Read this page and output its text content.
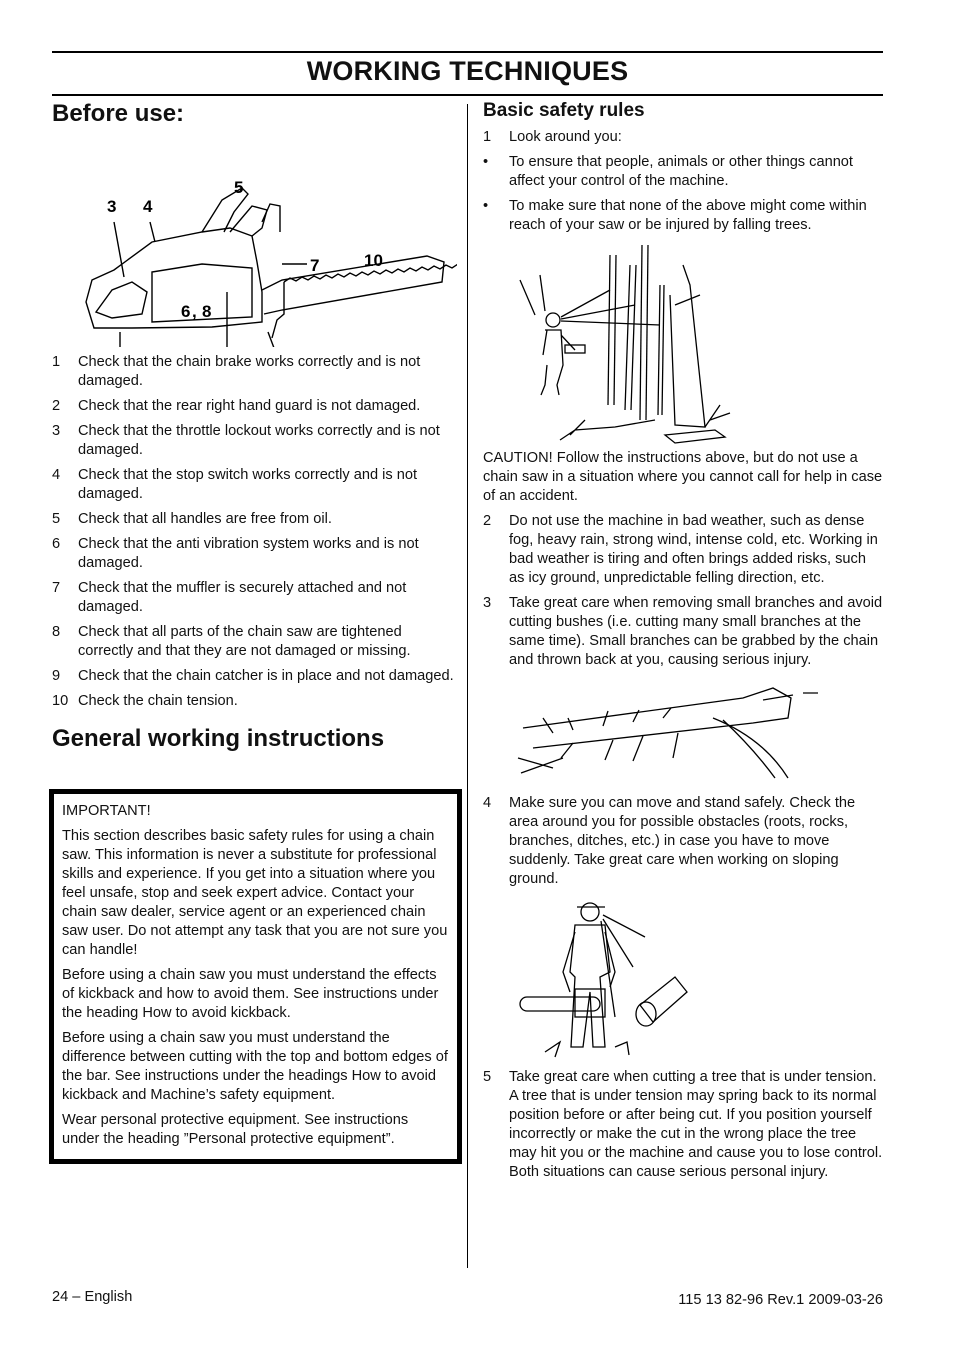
WORKING TECHNIQUES
Before use:
3 4
5
7	10
6 , 8
1	Check that the chain brake works correctly and is not damaged.
2	Check that the rear right hand guard is not damaged.
3	Check that the throttle lockout works correctly and is not damaged.
4	Check that the stop switch works correctly and is not damaged.
5	Check that all handles are free from oil.
6	Check that the anti vibration system works and is not damaged.
7	Check that the muffler is securely attached and not damaged.
8	Check that all parts of the chain saw are tightened correctly and that they are not damaged or missing.
9	Check that the chain catcher is in place and not damaged.
10 Check the chain tension.
General working instructions
IMPORTANT!
This section describes basic safety rules for using a chain saw. This information is never a substitute for professional skills and experience. If you get into a situation where you feel unsafe, stop and seek expert advice. Contact your chain saw dealer, service agent or an experienced chain saw user. Do not attempt any task that you are not sure you can handle!
Before using a chain saw you must understand the effects of kickback and how to avoid them. See instructions under the heading How to avoid kickback.
Before using a chain saw you must understand the difference between cutting with the top and bottom edges of the bar. See instructions under the headings How to avoid kickback and Machine’s safety equipment.
Wear personal protective equipment. See instructions under the heading ”Personal protective equipment”.
Basic safety rules
1	Look around you:
•	To ensure that people, animals or other things cannot affect your control of the machine.
•	To make sure that none of the above might come within reach of your saw or be injured by falling trees.
CAUTION! Follow the instructions above, but do not use a chain saw in a situation where you cannot call for help in case of an accident.
2	Do not use the machine in bad weather, such as dense fog, heavy rain, strong wind, intense cold, etc. Working in bad weather is tiring and often brings added risks, such as icy ground, unpredictable felling direction, etc.
3	Take great care when removing small branches and avoid cutting bushes (i.e. cutting many small branches at the same time). Small branches can be grabbed by the chain and thrown back at you, causing serious injury.
4	Make sure you can move and stand safely. Check the area around you for possible obstacles (roots, rocks, branches, ditches, etc.) in case you have to move suddenly. Take great care when working on sloping ground.
5	Take great care when cutting a tree that is under tension. A tree that is under tension may spring back to its normal position before or after being cut. If you position yourself incorrectly or make the cut in the wrong place the tree may hit you or the machine and cause you to lose control. Both situations can cause serious personal injury.
24 – English	115 13 82-96 Rev.1 2009-03-26
